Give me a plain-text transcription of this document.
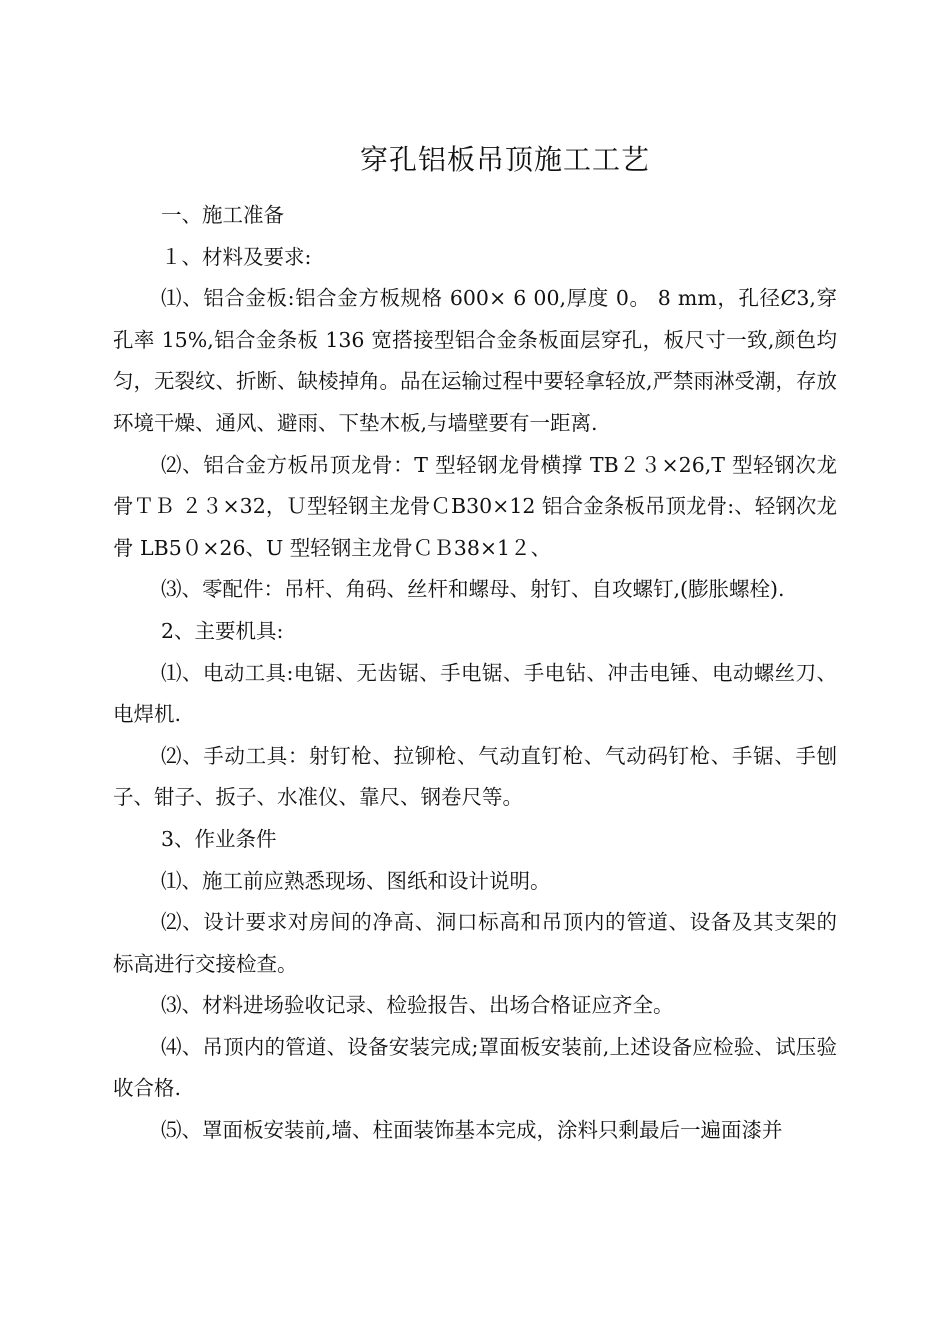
穿孔铝板吊顶施工工艺

一、施工准备

１、材料及要求:

⑴、铝合金板:铝合金方板规格 600× 6 00,厚度 0。 8 mm，孔径Ȼ3,穿孔率 15%,铝合金条板 136 宽搭接型铝合金条板面层穿孔，板尺寸一致,颜色均匀，无裂纹、折断、缺棱掉角。品在运输过程中要轻拿轻放,严禁雨淋受潮，存放环境干燥、通风、避雨、下垫木板,与墙壁要有一距离.

⑵、铝合金方板吊顶龙骨：T 型轻钢龙骨横撑 TB２３×26,T 型轻钢次龙骨ＴＢ ２３×32，Ｕ型轻钢主龙骨ＣB30×12 铝合金条板吊顶龙骨:、轻钢次龙骨 LB5０×26、U 型轻钢主龙骨ＣＢ38×1２、

⑶、零配件：吊杆、角码、丝杆和螺母、射钉、自攻螺钉,(膨胀螺栓).

2、主要机具:

⑴、电动工具:电锯、无齿锯、手电锯、手电钻、冲击电锤、电动螺丝刀、电焊机.

⑵、手动工具：射钉枪、拉铆枪、气动直钉枪、气动码钉枪、手锯、手刨子、钳子、扳子、水准仪、靠尺、钢卷尺等。

3、作业条件

⑴、施工前应熟悉现场、图纸和设计说明。

⑵、设计要求对房间的净高、洞口标高和吊顶内的管道、设备及其支架的标高进行交接检查。

⑶、材料进场验收记录、检验报告、出场合格证应齐全。

⑷、吊顶内的管道、设备安装完成;罩面板安装前,上述设备应检验、试压验收合格.

⑸、罩面板安装前,墙、柱面装饰基本完成，涂料只剩最后一遍面漆并
